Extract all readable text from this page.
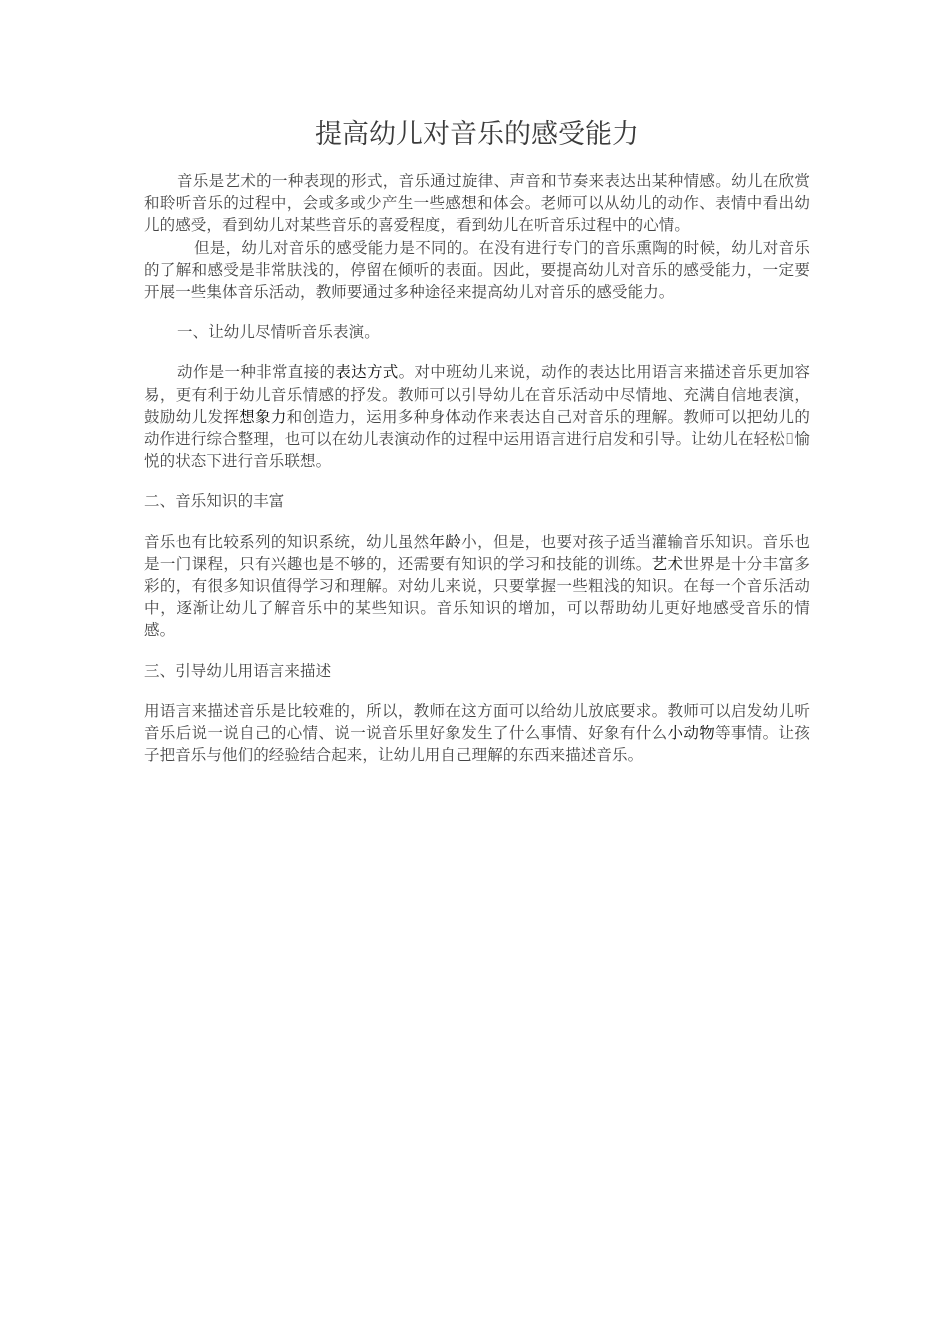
提高幼儿对音乐的感受能力

音乐是艺术的一种表现的形式，音乐通过旋律、声音和节奏来表达出某种情感。幼儿在欣赏和聆听音乐的过程中，会或多或少产生一些感想和体会。老师可以从幼儿的动作、表情中看出幼儿的感受，看到幼儿对某些音乐的喜爱程度，看到幼儿在听音乐过程中的心情。

但是，幼儿对音乐的感受能力是不同的。在没有进行专门的音乐熏陶的时候，幼儿对音乐的了解和感受是非常肤浅的，停留在倾听的表面。因此，要提高幼儿对音乐的感受能力，一定要开展一些集体音乐活动，教师要通过多种途径来提高幼儿对音乐的感受能力。

一、让幼儿尽情听音乐表演。

动作是一种非常直接的表达方式。对中班幼儿来说，动作的表达比用语言来描述音乐更加容易，更有利于幼儿音乐情感的抒发。教师可以引导幼儿在音乐活动中尽情地、充满自信地表演，鼓励幼儿发挥想象力和创造力，运用多种身体动作来表达自己对音乐的理解。教师可以把幼儿的动作进行综合整理，也可以在幼儿表演动作的过程中运用语言进行启发和引导。让幼儿在轻松⌷愉悦的状态下进行音乐联想。

二、音乐知识的丰富

音乐也有比较系列的知识系统，幼儿虽然年龄小，但是，也要对孩子适当灌输音乐知识。音乐也是一门课程，只有兴趣也是不够的，还需要有知识的学习和技能的训练。艺术世界是十分丰富多彩的，有很多知识值得学习和理解。对幼儿来说，只要掌握一些粗浅的知识。在每一个音乐活动中，逐渐让幼儿了解音乐中的某些知识。音乐知识的增加，可以帮助幼儿更好地感受音乐的情感。

三、引导幼儿用语言来描述

用语言来描述音乐是比较难的，所以，教师在这方面可以给幼儿放底要求。教师可以启发幼儿听音乐后说一说自己的心情、说一说音乐里好象发生了什么事情、好象有什么小动物等事情。让孩子把音乐与他们的经验结合起来，让幼儿用自己理解的东西来描述音乐。
